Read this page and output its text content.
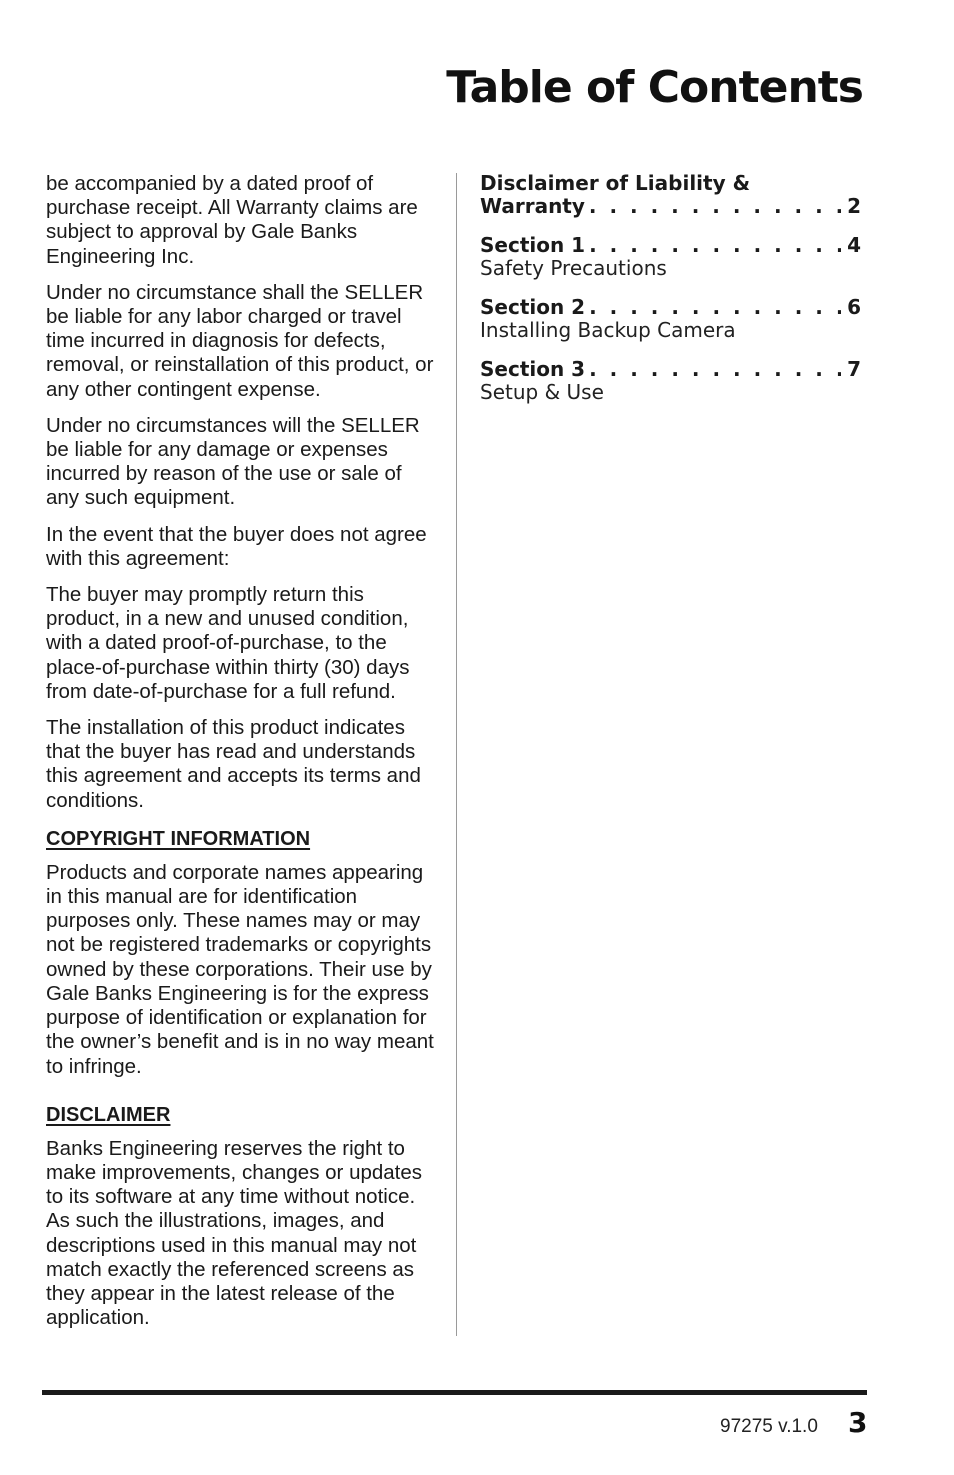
Table of Contents

be accompanied by a dated proof of purchase receipt. All Warranty claims are subject to approval by Gale Banks Engineering Inc.

Under no circumstance shall the SELLER be liable for any labor charged or travel time incurred in diagnosis for defects, removal, or reinstallation of this product, or any other contingent expense.

Under no circumstances will the SELLER be liable for any damage or expenses incurred by reason of the use or sale of any such equipment.

In the event that the buyer does not agree with this agreement:

The buyer may promptly return this product, in a new and unused condition, with a dated proof-of-purchase, to the place-of-purchase within thirty (30) days from date-of-purchase for a full refund.

The installation of this product indicates that the buyer has read and understands this agreement and accepts its terms and conditions.

COPYRIGHT INFORMATION

Products and corporate names appearing in this manual are for identification purposes only. These names may or may not be registered trademarks or copyrights owned by these corporations. Their use by Gale Banks Engineering is for the express purpose of identification or explanation for the owner’s benefit and is in no way meant to infringe.

DISCLAIMER

Banks Engineering reserves the right to make improvements, changes or updates to its software at any time without notice. As such the illustrations, images, and descriptions used in this manual may not match exactly the referenced screens as they appear in the latest release of the application.

Disclaimer of Liability &
Warranty . . .	2
Section 1 . . .	4
Safety Precautions
Section 2 . . .	6
Installing Backup Camera
Section 3 . . .	7
Setup & Use
97275 v.1.0 3
